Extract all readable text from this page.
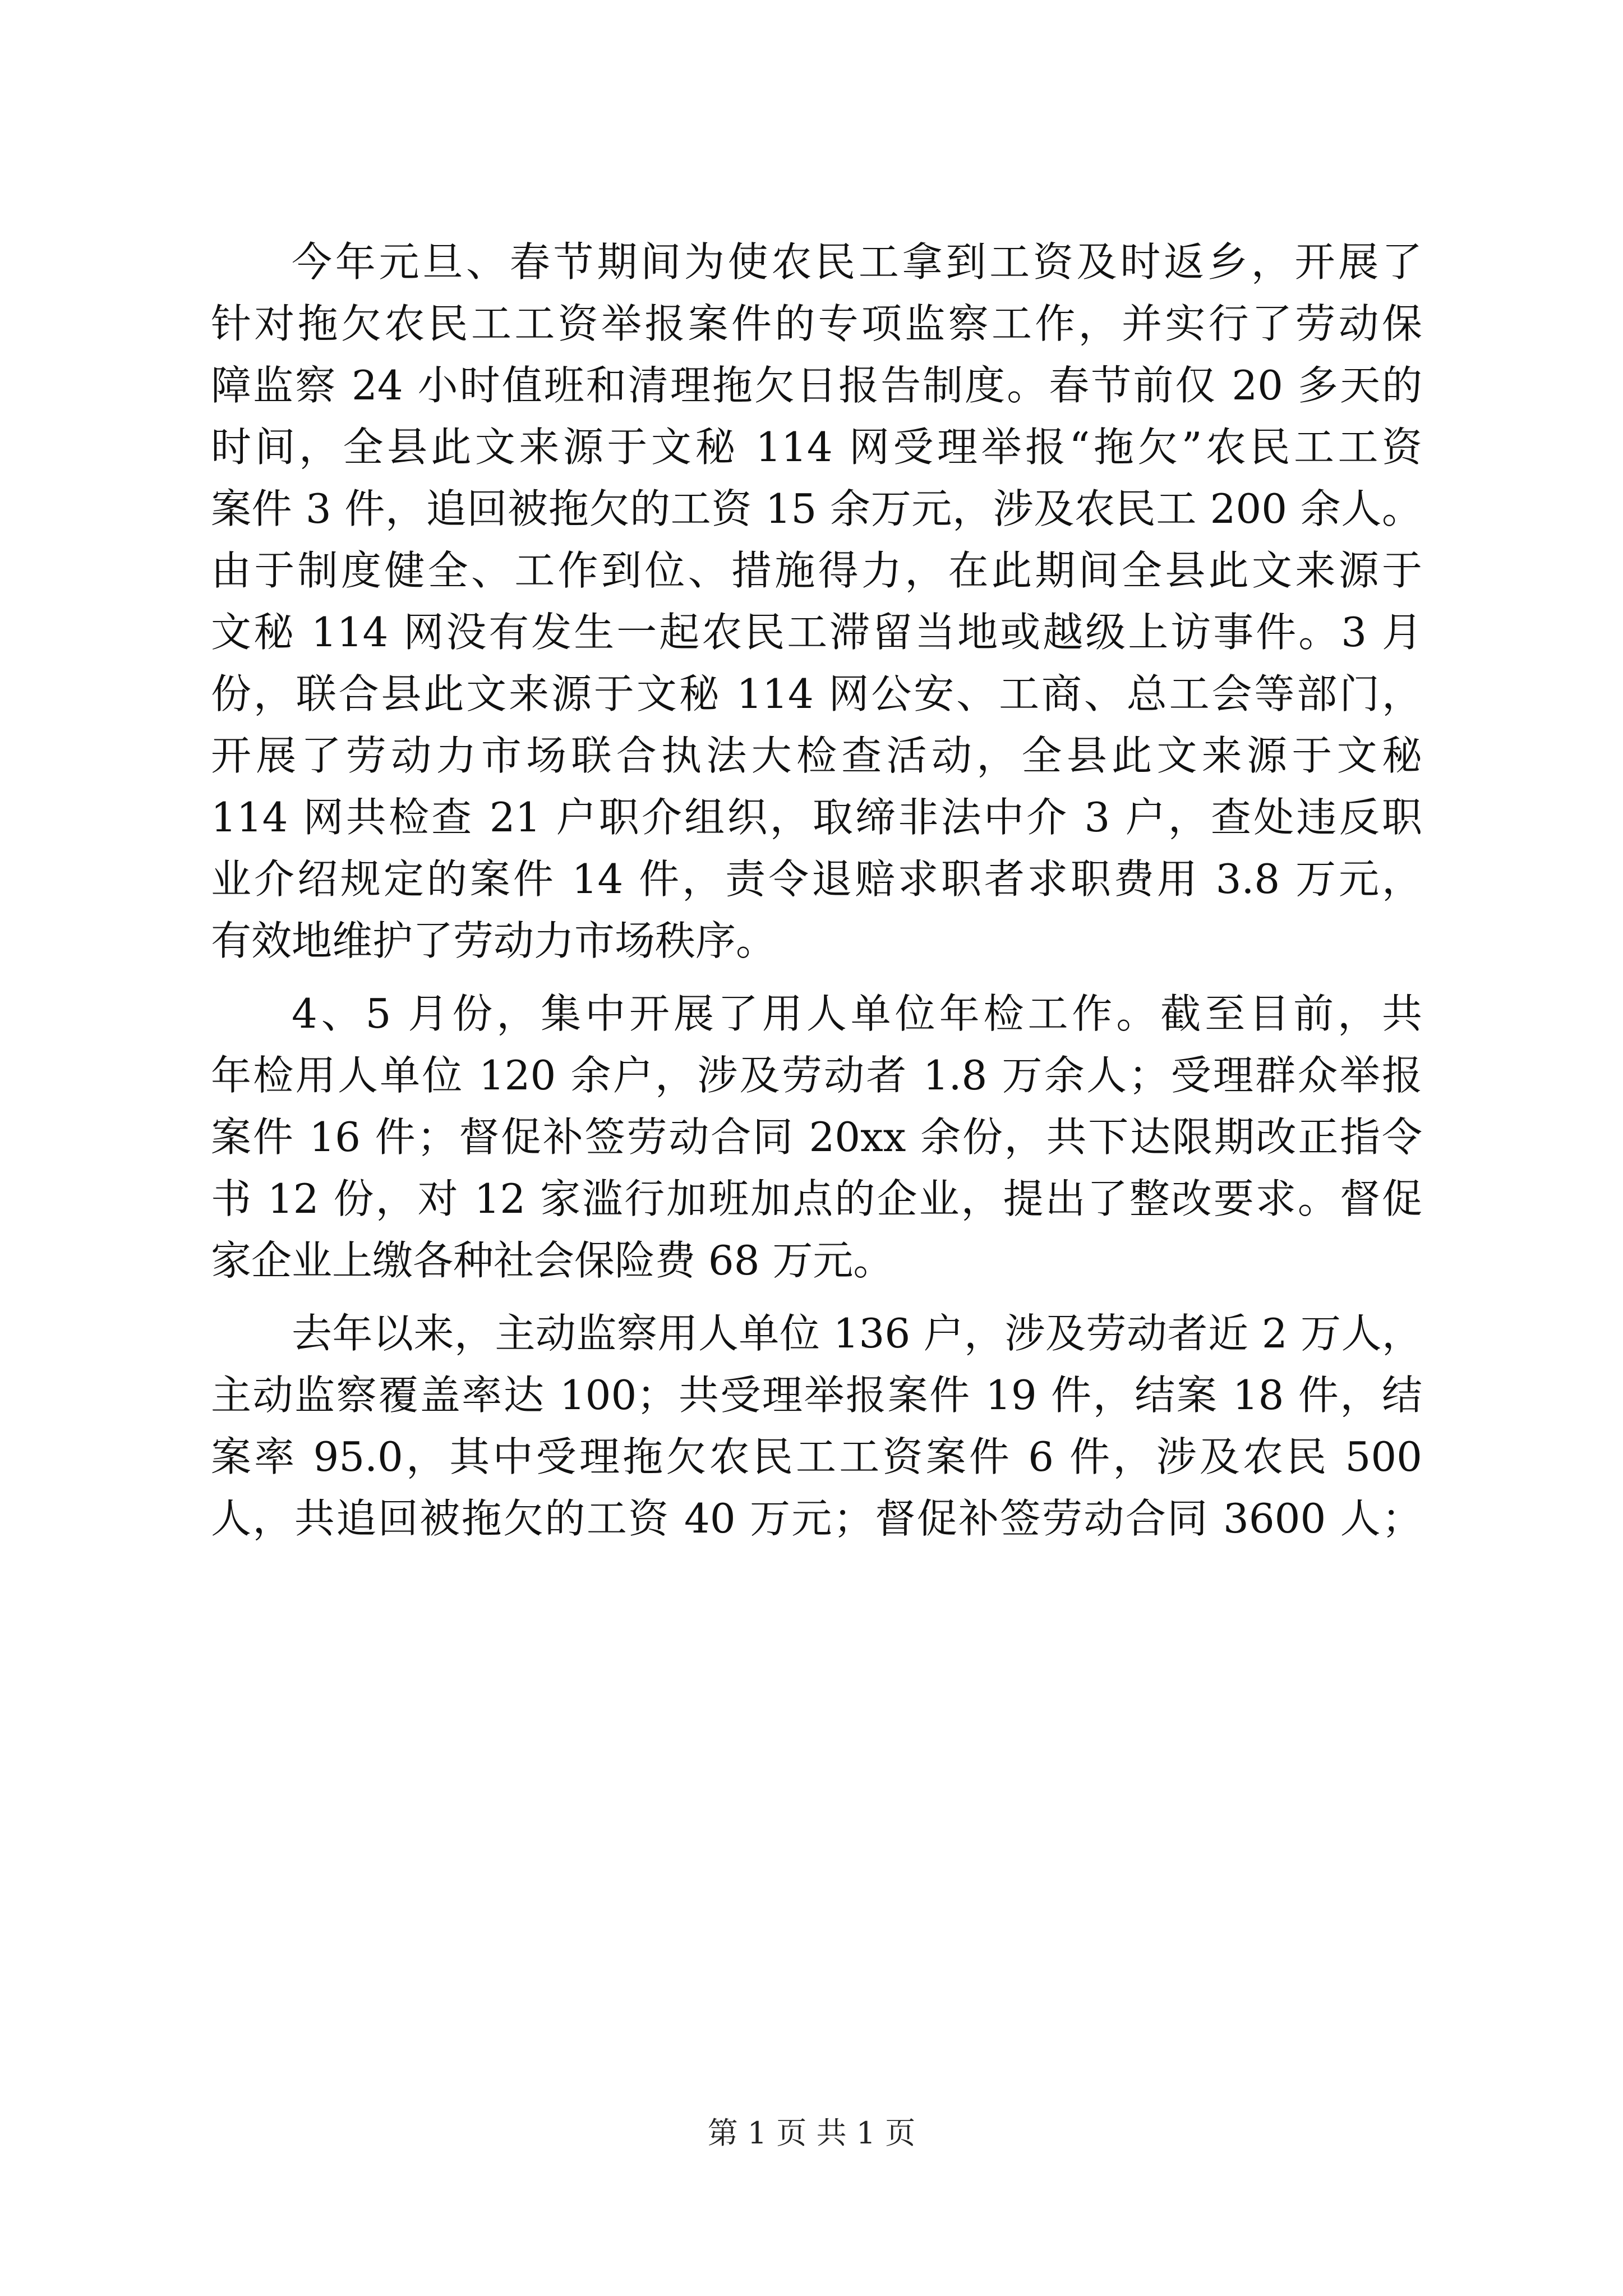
今年元旦、春节期间为使农民工拿到工资及时返乡，开展了
针对拖欠农民工工资举报案件的专项监察工作，并实行了劳动保
障监察 24 小时值班和清理拖欠日报告制度。春节前仅 20 多天的
时间，全县此文来源于文秘 114 网受理举报“拖欠”农民工工资
案件 3 件，追回被拖欠的工资 15 余万元，涉及农民工 200 余人。
由于制度健全、工作到位、措施得力，在此期间全县此文来源于
文秘 114 网没有发生一起农民工滞留当地或越级上访事件。3 月
份，联合县此文来源于文秘 114 网公安、工商、总工会等部门，
开展了劳动力市场联合执法大检查活动，全县此文来源于文秘
114 网共检查 21 户职介组织，取缔非法中介 3 户，查处违反职
业介绍规定的案件 14 件，责令退赔求职者求职费用 3.8 万元，
有效地维护了劳动力市场秩序。
4、5 月份，集中开展了用人单位年检工作。截至目前，共
年检用人单位 120 余户，涉及劳动者 1.8 万余人；受理群众举报
案件 16 件；督促补签劳动合同 20xx 余份，共下达限期改正指令
书 12 份，对 12 家滥行加班加点的企业，提出了整改要求。督促
家企业上缴各种社会保险费 68 万元。
去年以来，主动监察用人单位 136 户，涉及劳动者近 2 万人，
主动监察覆盖率达 100；共受理举报案件 19 件，结案 18 件，结
案率 95.0，其中受理拖欠农民工工资案件 6 件，涉及农民 500
人，共追回被拖欠的工资 40 万元；督促补签劳动合同 3600 人；
第 1 页 共 1 页
